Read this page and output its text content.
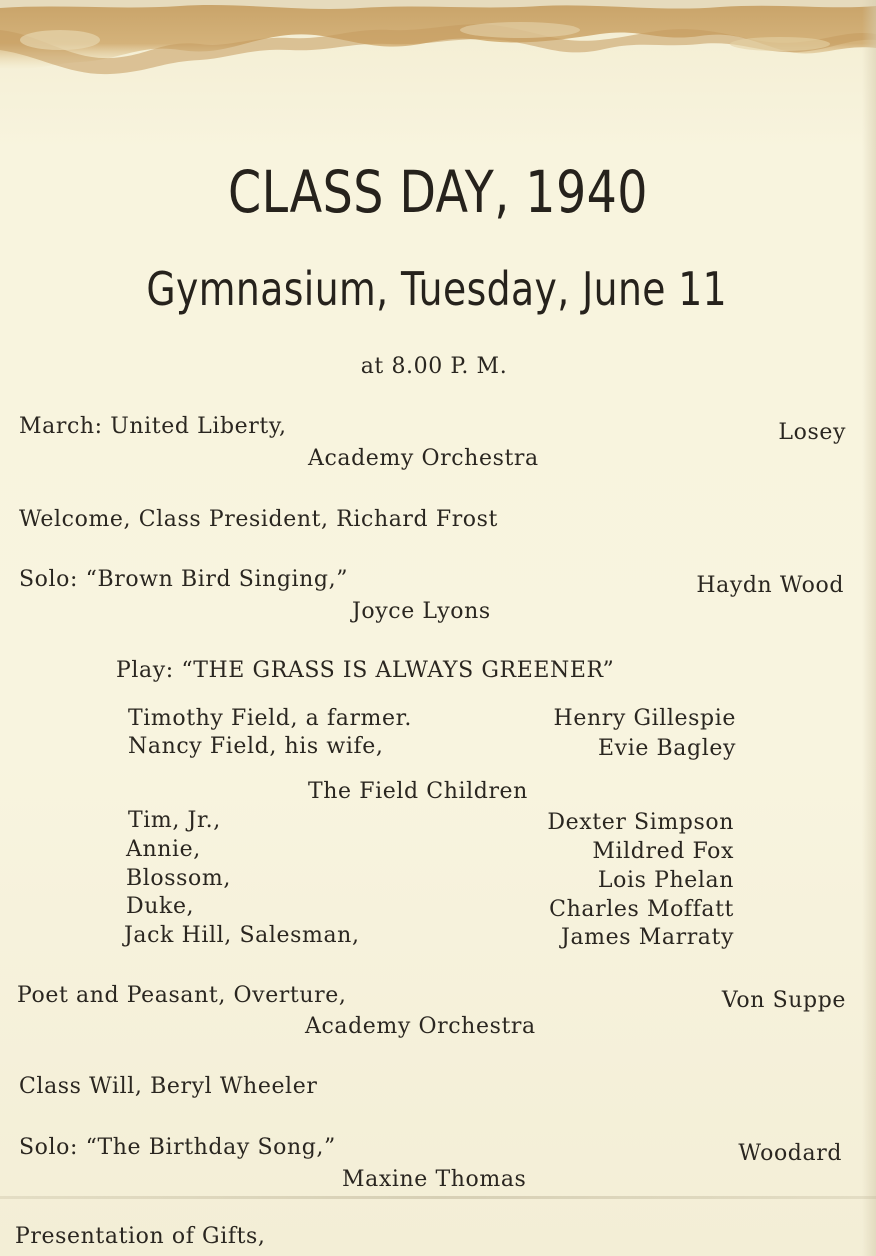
CLASS DAY, 1940
Gymnasium, Tuesday, June 11
at 8.00 P. M.
March: United Liberty,	Losey
Academy Orchestra
Welcome, Class President, Richard Frost
Solo: “Brown Bird Singing,”	Haydn Wood
Joyce Lyons
Play: “THE GRASS IS ALWAYS GREENER”
Timothy Field, a farmer.	Henry Gillespie
Nancy Field, his wife,	Evie Bagley
The Field Children
Tim, Jr.,	Dexter Simpson
Annie,	Mildred Fox
Blossom,	Lois Phelan
Duke,	Charles Moffatt
Jack Hill, Salesman,	James Marraty
Poet and Peasant, Overture,	Von Suppe
Academy Orchestra
Class Will, Beryl Wheeler
Solo: “The Birthday Song,”	Woodard
Maxine Thomas
Presentation of Gifts,
